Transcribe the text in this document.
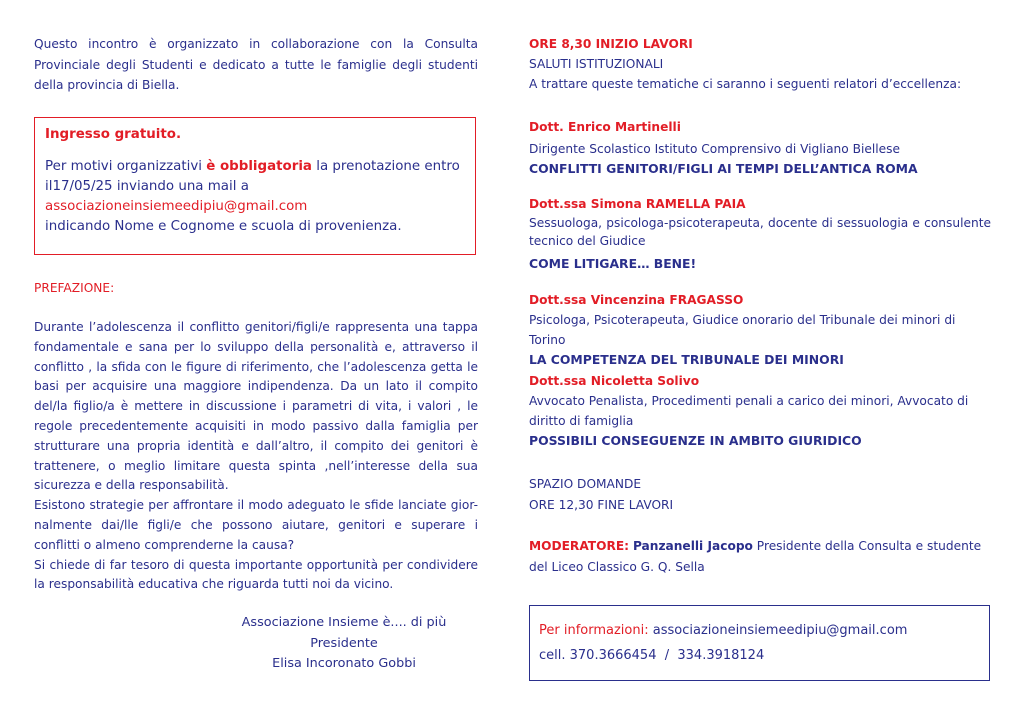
Questo incontro è organizzato in collaborazione con la Consulta Provinciale degli Studenti e dedicato a tutte le famiglie degli studenti della provincia di Biella.

Ingresso gratuito.

Per motivi organizzativi è obbligatoria la prenotazione entro il17/05/25 inviando una mail a

associazioneinsiemeedipiu@gmail.com

indicando Nome e Cognome e scuola di provenienza.

PREFAZIONE:

Durante l’adolescenza il conflitto genitori/figli/e rappresenta una tappa fondamentale e sana per lo sviluppo della personalità e, attraverso il conflitto , la sfida con le figure di riferimento, che l’adolescenza getta le basi per acquisire una maggiore indipendenza. Da un lato il compito del/la figlio/a è mettere in discussione i parametri di vita, i valori , le regole precedentemente acquisiti in modo passivo dalla famiglia per strutturare una propria identità e dall’altro, il compito dei genitori è trattenere, o meglio limitare questa spinta ,nell’interesse della sua sicurezza e della responsabilità.

Esistono strategie per affrontare il modo adeguato le sfide lanciate gior-nalmente dai/lle figli/e che possono aiutare, genitori e superare i conflitti o almeno comprenderne la causa?

Si chiede di far tesoro di questa importante opportunità per condividere la responsabilità educativa che riguarda tutti noi da vicino.

Associazione Insieme è.... di più

Presidente

Elisa Incoronato Gobbi

ORE 8,30 INIZIO LAVORI

SALUTI ISTITUZIONALI

A trattare queste tematiche ci saranno i seguenti relatori d’eccellenza:

Dott. Enrico Martinelli

Dirigente Scolastico Istituto Comprensivo di Vigliano Biellese

CONFLITTI GENITORI/FIGLI AI TEMPI DELL’ANTICA ROMA

Dott.ssa Simona RAMELLA PAIA

Sessuologa, psicologa-psicoterapeuta, docente di sessuologia e consulente tecnico del Giudice

COME LITIGARE… BENE!

Dott.ssa Vincenzina FRAGASSO

Psicologa, Psicoterapeuta, Giudice onorario del Tribunale dei minori di Torino

LA COMPETENZA DEL TRIBUNALE DEI MINORI

Dott.ssa Nicoletta Solivo

Avvocato Penalista, Procedimenti penali a carico dei minori, Avvocato di diritto di famiglia

POSSIBILI CONSEGUENZE IN AMBITO GIURIDICO

SPAZIO DOMANDE

ORE 12,30 FINE LAVORI

MODERATORE: Panzanelli Jacopo Presidente della Consulta e studente del Liceo Classico G. Q. Sella

Per informazioni: associazioneinsiemeedipiu@gmail.com

cell. 370.3666454  /  334.3918124
